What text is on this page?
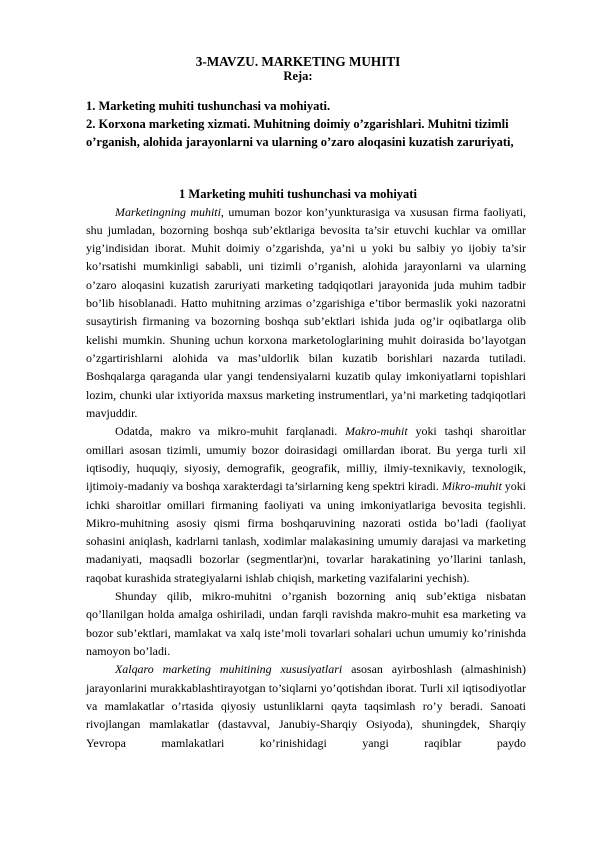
3-MAVZU. MARKETING MUHITI
Reja:

1. Marketing muhiti tushunchasi va mohiyati.

2. Korxona marketing xizmati. Muhitning doimiy o’zgarishlari. Muhitni tizimli o’rganish, alohida jarayonlarni va ularning o’zaro aloqasini kuzatish zaruriyati,

1 Marketing muhiti tushunchasi va mohiyati

Marketingning muhiti, umuman bozor kon’yunkturasiga va xususan firma faoliyati, shu jumladan, bozorning boshqa sub’ektlariga bevosita ta’sir etuvchi kuchlar va omillar yig’indisidan iborat. Muhit doimiy o’zgarishda, ya’ni u yoki bu salbiy yo ijobiy ta’sir ko’rsatishi mumkinligi sababli, uni tizimli o’rganish, alohida jarayonlarni va ularning o’zaro aloqasini kuzatish zaruriyati marketing tadqiqotlari jarayonida juda muhim tadbir bo’lib hisoblanadi. Hatto muhitning arzimas o’zgarishiga e’tibor bermaslik yoki nazoratni susaytirish firmaning va bozorning boshqa sub’ektlari ishida juda og’ir oqibatlarga olib kelishi mumkin. Shuning uchun korxona marketologlarining muhit doirasida bo’layotgan o’zgartirishlarni alohida va mas’uldorlik bilan kuzatib borishlari nazarda tutiladi. Boshqalarga qaraganda ular yangi tendensiyalarni kuzatib qulay imkoniyatlarni topishlari lozim, chunki ular ixtiyorida maxsus marketing instrumentlari, ya’ni marketing tadqiqotlari mavjuddir.

Odatda, makro va mikro-muhit farqlanadi. Makro-muhit yoki tashqi sharoitlar omillari asosan tizimli, umumiy bozor doirasidagi omillardan iborat. Bu yerga turli xil iqtisodiy, huquqiy, siyosiy, demografik, geografik, milliy, ilmiy-texnikaviy, texnologik, ijtimoiy-madaniy va boshqa xarakterdagi ta’sirlarning keng spektri kiradi. Mikro-muhit yoki ichki sharoitlar omillari firmaning faoliyati va uning imkoniyatlariga bevosita tegishli. Mikro-muhitning asosiy qismi firma boshqaruvining nazorati ostida bo’ladi (faoliyat sohasini aniqlash, kadrlarni tanlash, xodimlar malakasining umumiy darajasi va marketing madaniyati, maqsadli bozorlar (segmentlar)ni, tovarlar harakatining yo’llarini tanlash, raqobat kurashida strategiyalarni ishlab chiqish, marketing vazifalarini yechish).

Shunday qilib, mikro-muhitni o’rganish bozorning aniq sub’ektiga nisbatan qo’llanilgan holda amalga oshiriladi, undan farqli ravishda makro-muhit esa marketing va bozor sub’ektlari, mamlakat va xalq iste’moli tovarlari sohalari uchun umumiy ko’rinishda namoyon bo’ladi.

Xalqaro marketing muhitining xususiyatlari asosan ayirboshlash (almashinish) jarayonlarini murakkablashtirayotgan to’siqlarni yo’qotishdan iborat. Turli xil iqtisodiyotlar va mamlakatlar o’rtasida qiyosiy ustunliklarni qayta taqsimlash ro’y beradi. Sanoati rivojlangan mamlakatlar (dastavval, Janubiy-Sharqiy Osiyoda), shuningdek, Sharqiy Yevropa mamlakatlari ko’rinishidagi yangi raqiblar paydo
